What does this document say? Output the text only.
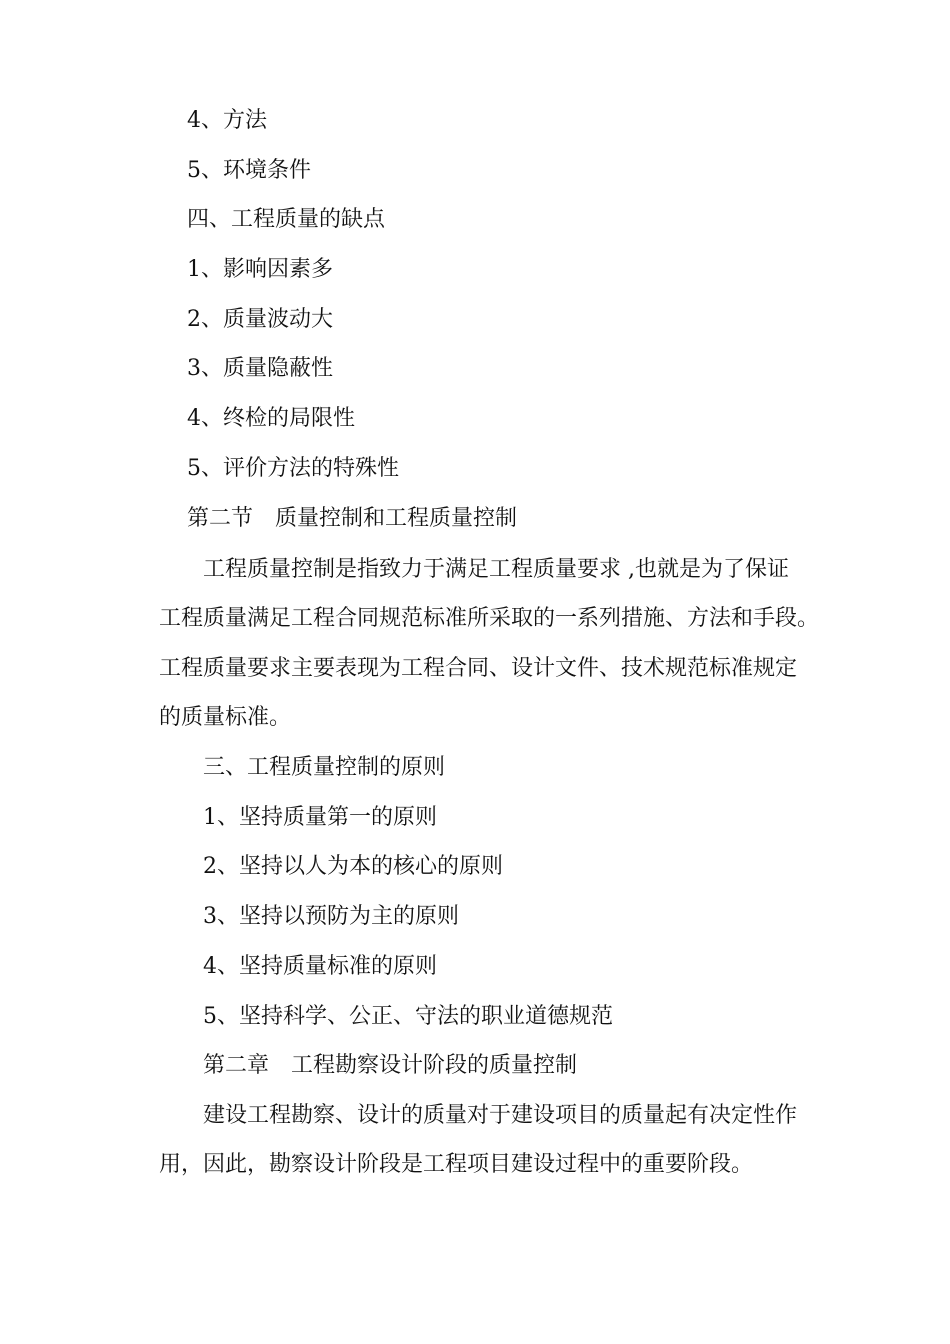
4、方法

5、环境条件

四、工程质量的缺点

1、影响因素多

2、质量波动大

3、质量隐蔽性

4、终检的局限性

5、评价方法的特殊性

第二节　质量控制和工程质量控制

工程质量控制是指致力于满足工程质量要求 ,也就是为了保证

工程质量满足工程合同规范标准所采取的一系列措施、方法和手段。

工程质量要求主要表现为工程合同、设计文件、技术规范标准规定

的质量标准。

三、工程质量控制的原则

1、坚持质量第一的原则

2、坚持以人为本的核心的原则

3、坚持以预防为主的原则

4、坚持质量标准的原则

5、坚持科学、公正、守法的职业道德规范

第二章　工程勘察设计阶段的质量控制

建设工程勘察、设计的质量对于建设项目的质量起有决定性作

用，因此，勘察设计阶段是工程项目建设过程中的重要阶段。
